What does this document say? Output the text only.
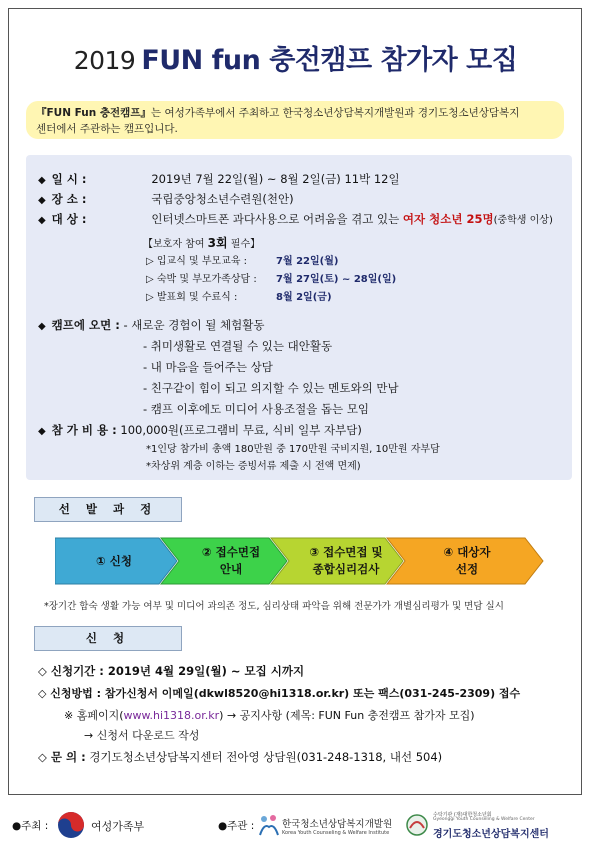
2019 FUN fun 충전캠프 참가자 모집
『FUN Fun 충전캠프』는 여성가족부에서 주최하고 한국청소년상담복지개발원과 경기도청소년상담복지
센터에서 주관하는 캠프입니다.
◆ 일 시 :	2019년 7월 22일(월) ~ 8월 2일(금) 11박 12일
◆ 장 소 :	국립중앙청소년수련원(천안)
◆ 대 상 :	인터넷스마트폰 과다사용으로 어려움을 겪고 있는 여자 청소년 25명(중학생 이상)
【보호자 참여 3회 필수】
▷ 입교식 및 부모교육 :	7월 22일(월)
▷ 숙박 및 부모가족상담 : 7월 27일(토) ~ 28일(일)
▷ 발표회 및 수료식 :	8월 2일(금)
◆ 캠프에 오면 : - 새로운 경험이 될 체험활동
- 취미생활로 연결될 수 있는 대안활동
- 내 마음을 들어주는 상담
- 친구같이 힘이 되고 의지할 수 있는 멘토와의 만남
- 캠프 이후에도 미디어 사용조절을 돕는 모임
◆ 참 가 비 용 : 100,000원(프로그램비 무료, 식비 일부 자부담)
*1인당 참가비 총액 180만원 중 170만원 국비지원, 10만원 자부담
*차상위 계층 이하는 증빙서류 제출 시 전액 면제)
선 발 과 정
① 신청
② 접수면접
안내
③ 접수면접 및
종합심리검사
④ 대상자
선정
*장기간 합숙 생활 가능 여부 및 미디어 과의존 정도, 심리상태 파악을 위해 전문가가 개별심리평가 및 면담 실시
신 청
◇ 신청기간 : 2019년 4월 29일(월) ~ 모집 시까지
◇ 신청방법 : 참가신청서 이메일(dkwl8520@hi1318.or.kr) 또는 팩스(031-245-2309) 접수
※ 홈페이지(www.hi1318.or.kr) → 공지사항 (제목: FUN Fun 충전캠프 참가자 모집)
→ 신청서 다운로드 작성
◇ 문 의 : 경기도청소년상담복지센터 전아영 상담원(031-248-1318, 내선 504)
●주최 :	여성가족부	●주관 :	한국청소년상담복지개발원
Korea Youth Counseling & Welfare Institute
수탁기관 (재)대한청소년회
Gyeonggi Youth Counseling & Welfare Center
경기도청소년상담복지센터
